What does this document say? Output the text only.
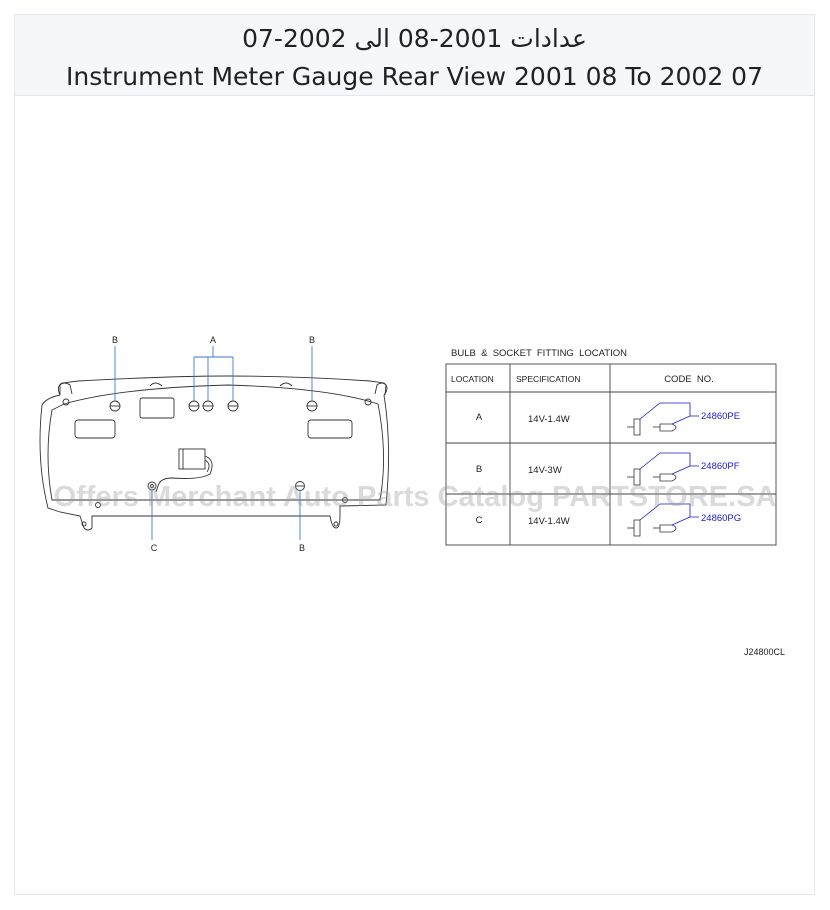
عدادات 2001-08 الى 2002-07
Instrument Meter Gauge Rear View 2001 08 To 2002 07
B	A	B
C	B
BULB  &  SOCKET  FITTING  LOCATION
LOCATION	SPECIFICATION	CODE  NO.
A	14V-1.4W	24860PE
B	14V-3W	24860PF
C	14V-1.4W	24860PG
J24800CL
Offers Merchant Auto Parts Catalog PARTSTORE.SA
